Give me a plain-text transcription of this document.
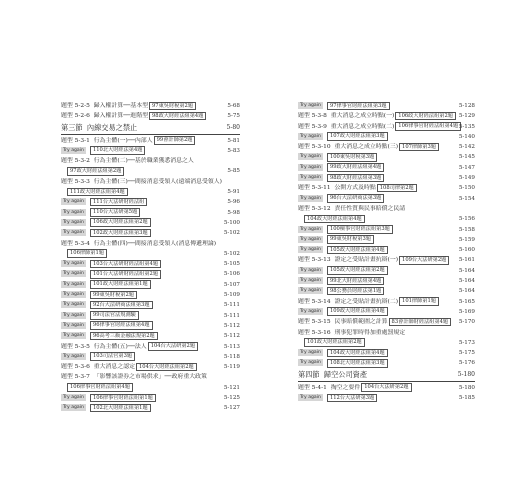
題型 5-2-5 歸入權計算──基本型 97東吳財稅第2題	5-68
題型 5-2-6 歸入權計算──進階型 98政大財經法組第4題	5-75
第三節 內線交易之禁止	5-80
題型 5-3-1 行為主體(一)──內部人 99會計師第2題	5-81
Try again 110北大財經法第4題	5-83
題型 5-3-2 行為主體(二)──基於職業獲悉消息之人
97政大財經法組第2題	5-85
題型 5-3-3 行為主體(三)──間接消息受領人(遠端消息受領人)
111政大財經法組第4題	5-91
Try again 111台大法研財經法組	5-96
Try again 110台大法研第5題	5-98
Try again 106政大財經法組第2題	5-100
Try again 102政大財經法組第3題	5-102
題型 5-3-4 行為主體(四)──間接消息受領人(消息傳遞理論)
106律師第1題	5-102
Try again 103台大法研財經法組第4題	5-105
Try again 101台大法研財經法組第2題	5-106
Try again 101政大財經法組第1題	5-107
Try again 99東吳財稅第2題	5-109
Try again 92台大法研商法組第3題	5-111
Try again 99司法官法規測驗	5-111
Try again 96律事官財經法組第4題	5-112
Try again 96高考三級金融法規第2題	5-112
題型 5-3-5 行為主體(五)──法人 104台大法研第2題	5-113
Try again 103司法官第3題	5-118
題型 5-3-6 重大消息之認定 104台大財經法組第2題	5-119
題型 5-3-7 「影響該證券之市場供求」──政府重大政策
106律事官財經法組第4題	5-121
Try again 106律事官財經法組第1題	5-125
Try again 102北大財經法組第1題	5-127
Try again 97律事官財經法組第3題	5-128
題型 5-3-8 重大消息之成立時點(一) 106政大財經法組第2題	5-129
題型 5-3-9 重大消息之成立時點(二) 106律事官財經法組第4題 5-135
Try again 107政大財經法組第3題	5-140
題型 5-3-10 重大消息之成立時點(三) 107律師第3題	5-142
Try again 100東吳財稅第3題	5-145
Try again 99政大財經法組第4題	5-147
Try again 98政大財經法組第3題	5-149
題型 5-3-11 公開方式及時點 108司律第2題	5-150
Try again 96台大法研商法第3題	5-154
題型 5-3-12 責任性質與民事賠償之民請
104政大財經法組第4題	5-156
Try again 100檢事官財經法組第3題	5-158
Try again 99東吳財稅第3題	5-159
Try again 105政大財經法組第4題	5-160
題型 5-3-13 證定之受貼計畫抗辯(一) 109台大法研第2題	5-161
Try again 105政大財經法組第2題	5-164
Try again 99北大財經法組第4題	5-164
Try again 98公務員財經法第1題	5-164
題型 5-3-14 證定之受貼計畫抗辯(二) 101律師第1題	5-165
Try again 109政大財經法組第4題	5-169
題型 5-3-15 民事賠償範圍之計算 83會計師財經法組第4題	5-170
題型 5-3-16 刑事犯罪時得加重處罰規定
101政大財經法組第2題	5-173
Try again 104政大財經法組第4題	5-175
Try again 108北大財經法組第3題	5-176
第四節 歸空公司資產	5-180
題型 5-4-1 掏空之要件 104台大法研第2題	5-180
Try again 112台大法研第3題	5-185
